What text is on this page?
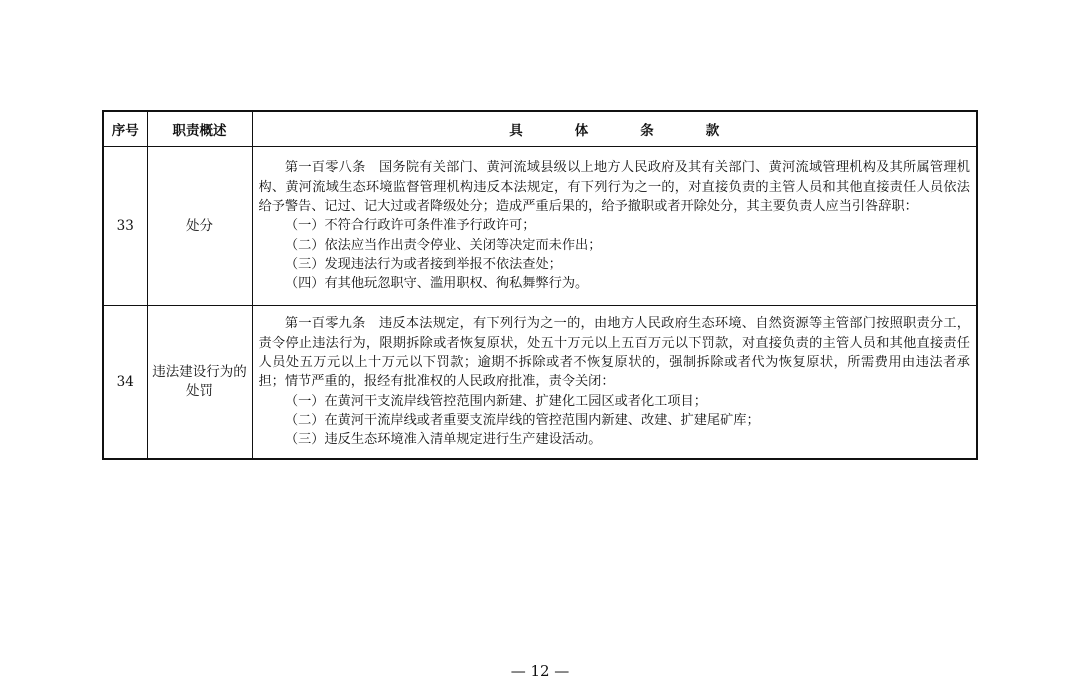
序号	职责概述	具 体 条 款
33	处分	第一百零八条　国务院有关部门、黄河流域县级以上地方人民政府及其有关部门、黄河流域管理机构及其所属管理机构、黄河流域生态环境监督管理机构违反本法规定，有下列行为之一的，对直接负责的主管人员和其他直接责任人员依法给予警告、记过、记大过或者降级处分；造成严重后果的，给予撤职或者开除处分，其主要负责人应当引咎辞职：

（一）不符合行政许可条件准予行政许可；

（二）依法应当作出责令停业、关闭等决定而未作出；

（三）发现违法行为或者接到举报不依法查处；

（四）有其他玩忽职守、滥用职权、徇私舞弊行为。

34	违法建设行为的处罚	第一百零九条　违反本法规定，有下列行为之一的，由地方人民政府生态环境、自然资源等主管部门按照职责分工，责令停止违法行为，限期拆除或者恢复原状，处五十万元以上五百万元以下罚款，对直接负责的主管人员和其他直接责任人员处五万元以上十万元以下罚款；逾期不拆除或者不恢复原状的，强制拆除或者代为恢复原状，所需费用由违法者承担；情节严重的，报经有批准权的人民政府批准，责令关闭：

（一）在黄河干支流岸线管控范围内新建、扩建化工园区或者化工项目；

（二）在黄河干流岸线或者重要支流岸线的管控范围内新建、改建、扩建尾矿库；

（三）违反生态环境准入清单规定进行生产建设活动。

— 12 —
